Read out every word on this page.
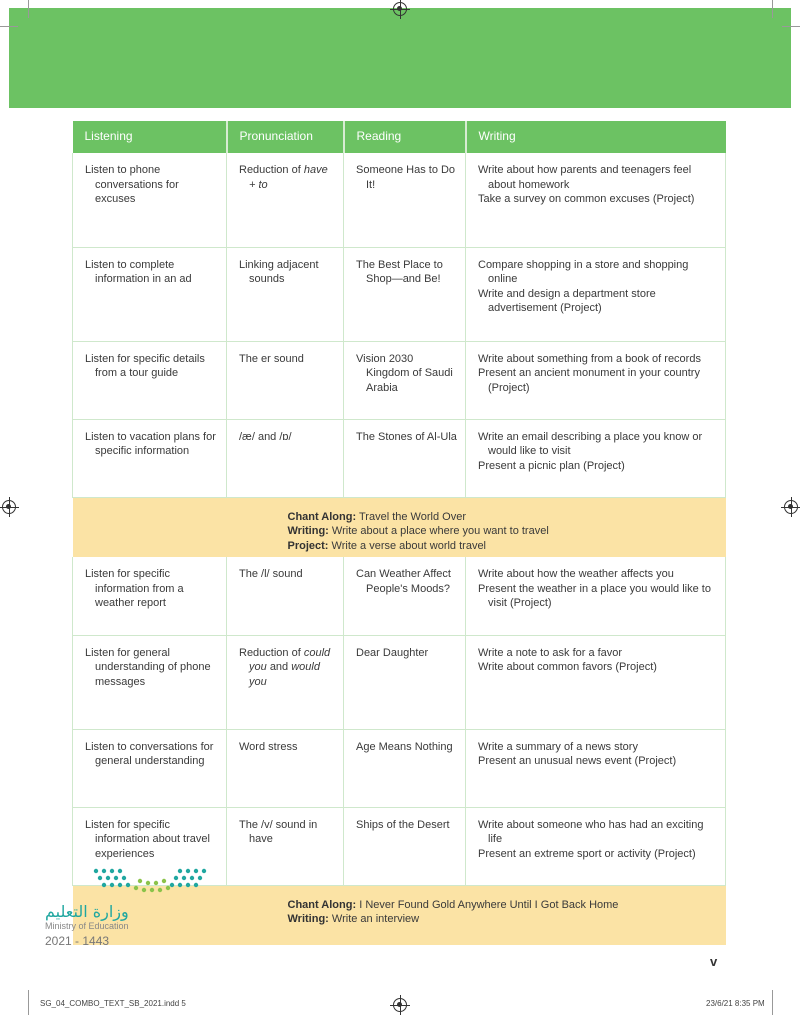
Listening	Pronunciation	Reading	Writing

Listen to phone conversations for excuses	Reduction of have + to	Someone Has to Do It!	Write about how parents and teenagers feel about homework
Take a survey on common excuses (Project)

Listen to complete information in an ad	Linking adjacent sounds	The Best Place to Shop—and Be!	Compare shopping in a store and shopping online
Write and design a department store advertisement (Project)

Listen for specific details from a tour guide	The er sound	Vision 2030 Kingdom of Saudi Arabia	Write about something from a book of records
Present an ancient monument in your country (Project)

Listen to vacation plans for specific information	/æ/ and /ɒ/	The Stones of Al-Ula	Write an email describing a place you know or would like to visit
Present a picnic plan (Project)

Chant Along: Travel the World Over
Writing: Write about a place where you want to travel
Project: Write a verse about world travel			

Listen for specific information from a weather report	The /l/ sound	Can Weather Affect People's Moods?	Write about how the weather affects you
Present the weather in a place you would like to visit (Project)

Listen for general understanding of phone messages	Reduction of could you and would you	Dear Daughter	Write a note to ask for a favor
Write about common favors (Project)

Listen to conversations for general understanding	Word stress	Age Means Nothing	Write a summary of a news story
Present an unusual news event (Project)

Listen for specific information about travel experiences	The /v/ sound in have	Ships of the Desert	Write about someone who has had an exciting life
Present an extreme sport or activity (Project)

Chant Along: I Never Found Gold Anywhere Until I Got Back Home
Writing: Write an interview			
وزارة التعليم
Ministry of Education
2021 - 1443
v
SG_04_COMBO_TEXT_SB_2021.indd 5	23/6/21 8:35 PM
